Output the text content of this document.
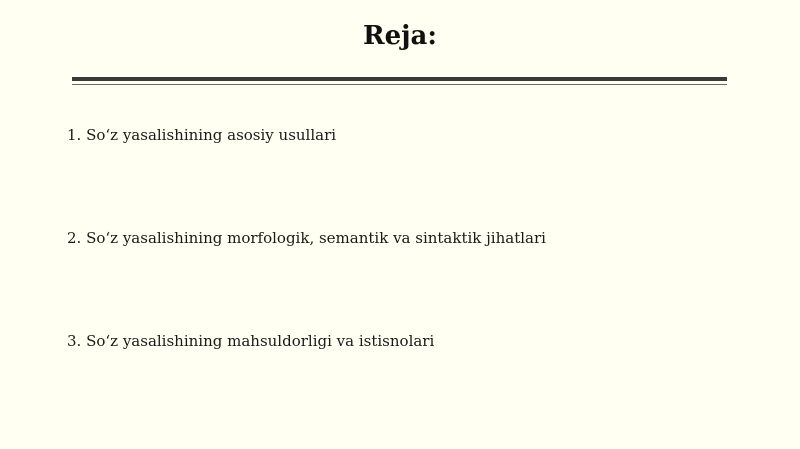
Reja:
1. So‘z yasalishining asosiy usullari
2. So‘z yasalishining morfologik, semantik va sintaktik jihatlari
3. So‘z yasalishining mahsuldorligi va istisnolari
